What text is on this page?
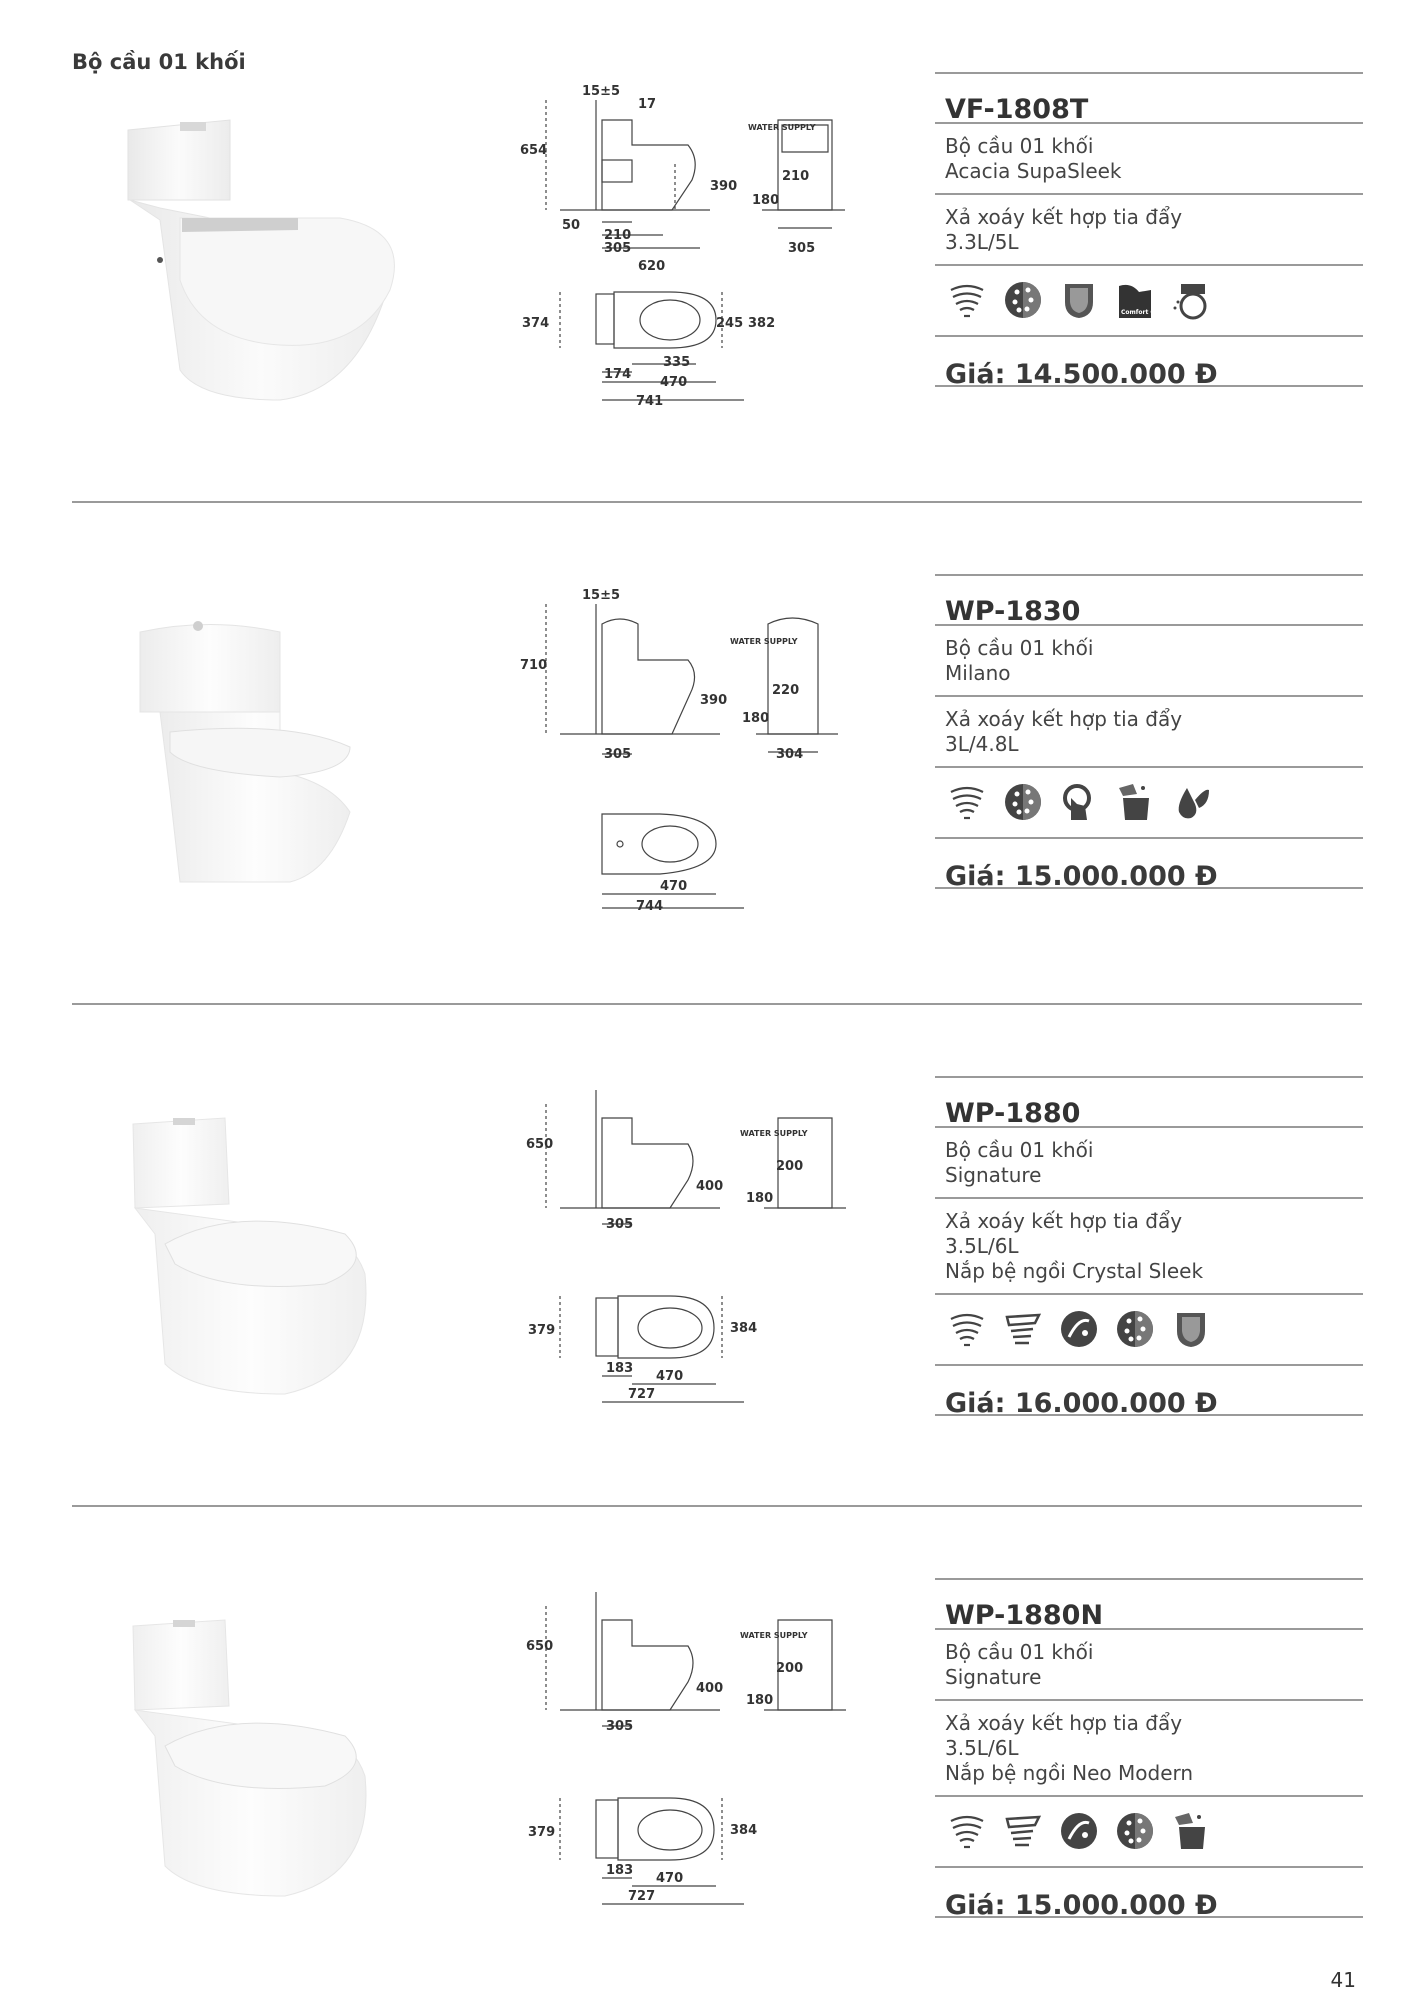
Bộ cầu 01 khối
15±5
17
654
390
50
210
305
620
180
210
305
374	245 382
174
335
470
741
WATER SUPPLY
VF-1808T
Bộ cầu 01 khối
Acacia SupaSleek
Xả xoáy kết hợp tia đẩy
3.3L/5L
Comfort Curve
Giá: 14.500.000 Đ
15±5
710
390
220
180
305	304
470
744
WATER SUPPLY
WP-1830
Bộ cầu 01 khối
Milano
Xả xoáy kết hợp tia đẩy
3L/4.8L
Giá: 15.000.000 Đ
650
400
200
180
305
379	384
183
470
727
WATER SUPPLY
WP-1880
Bộ cầu 01 khối
Signature
Xả xoáy kết hợp tia đẩy
3.5L/6L
Nắp bệ ngồi Crystal Sleek
Giá: 16.000.000 Đ
650
400
200
180
305
379	384
183
470
727
WATER SUPPLY
WP-1880N
Bộ cầu 01 khối
Signature
Xả xoáy kết hợp tia đẩy
3.5L/6L
Nắp bệ ngồi Neo Modern
Giá: 15.000.000 Đ
41
